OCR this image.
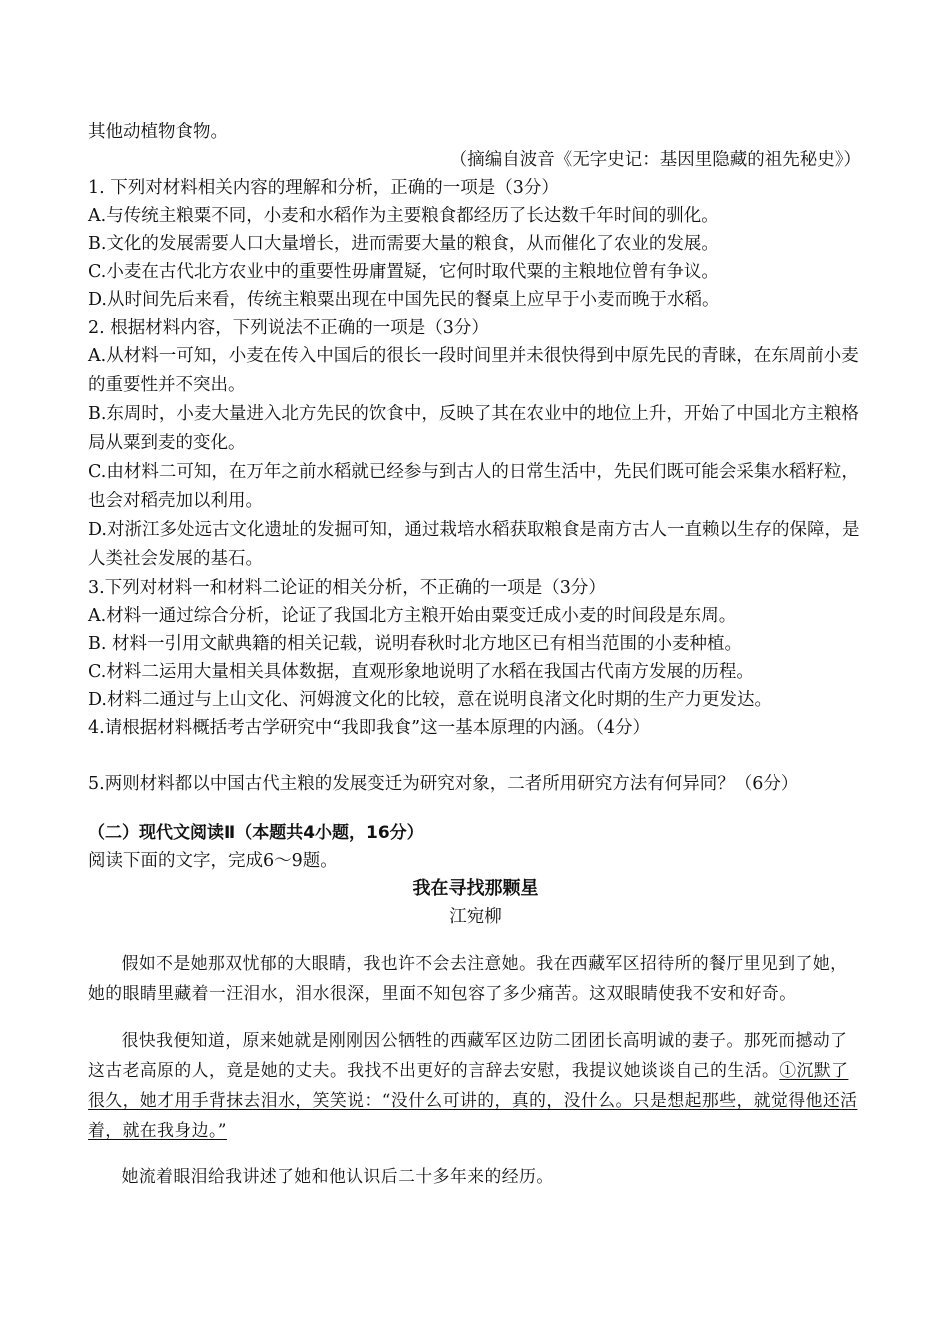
其他动植物食物。

（摘编自波音《无字史记：基因里隐藏的祖先秘史》）

1. 下列对材料相关内容的理解和分析，正确的一项是（3分）

A.与传统主粮粟不同，小麦和水稻作为主要粮食都经历了长达数千年时间的驯化。

B.文化的发展需要人口大量增长，进而需要大量的粮食，从而催化了农业的发展。

C.小麦在古代北方农业中的重要性毋庸置疑，它何时取代粟的主粮地位曾有争议。

D.从时间先后来看，传统主粮粟出现在中国先民的餐桌上应早于小麦而晚于水稻。

2. 根据材料内容，下列说法不正确的一项是（3分）

A.从材料一可知，小麦在传入中国后的很长一段时间里并未很快得到中原先民的青睐，在东周前小麦的重要性并不突出。

B.东周时，小麦大量进入北方先民的饮食中，反映了其在农业中的地位上升，开始了中国北方主粮格局从粟到麦的变化。

C.由材料二可知，在万年之前水稻就已经参与到古人的日常生活中，先民们既可能会采集水稻籽粒，也会对稻壳加以利用。

D.对浙江多处远古文化遗址的发掘可知，通过栽培水稻获取粮食是南方古人一直赖以生存的保障，是人类社会发展的基石。

3.下列对材料一和材料二论证的相关分析，不正确的一项是（3分）

A.材料一通过综合分析，论证了我国北方主粮开始由粟变迁成小麦的时间段是东周。

B. 材料一引用文献典籍的相关记载，说明春秋时北方地区已有相当范围的小麦种植。

C.材料二运用大量相关具体数据，直观形象地说明了水稻在我国古代南方发展的历程。

D.材料二通过与上山文化、河姆渡文化的比较，意在说明良渚文化时期的生产力更发达。

4.请根据材料概括考古学研究中“我即我食”这一基本原理的内涵。（4分）

5.两则材料都以中国古代主粮的发展变迁为研究对象，二者所用研究方法有何异同？（6分）

（二）现代文阅读Ⅱ（本题共4小题，16分）

阅读下面的文字，完成6～9题。

我在寻找那颗星

江宛柳

假如不是她那双忧郁的大眼睛，我也许不会去注意她。我在西藏军区招待所的餐厅里见到了她，她的眼睛里藏着一汪泪水，泪水很深，里面不知包容了多少痛苦。这双眼睛使我不安和好奇。

很快我便知道，原来她就是刚刚因公牺牲的西藏军区边防二团团长高明诚的妻子。那死而撼动了这古老高原的人，竟是她的丈夫。我找不出更好的言辞去安慰，我提议她谈谈自己的生活。①沉默了很久，她才用手背抹去泪水，笑笑说：“没什么可讲的，真的，没什么。只是想起那些，就觉得他还活着，就在我身边。”

她流着眼泪给我讲述了她和他认识后二十多年来的经历。
